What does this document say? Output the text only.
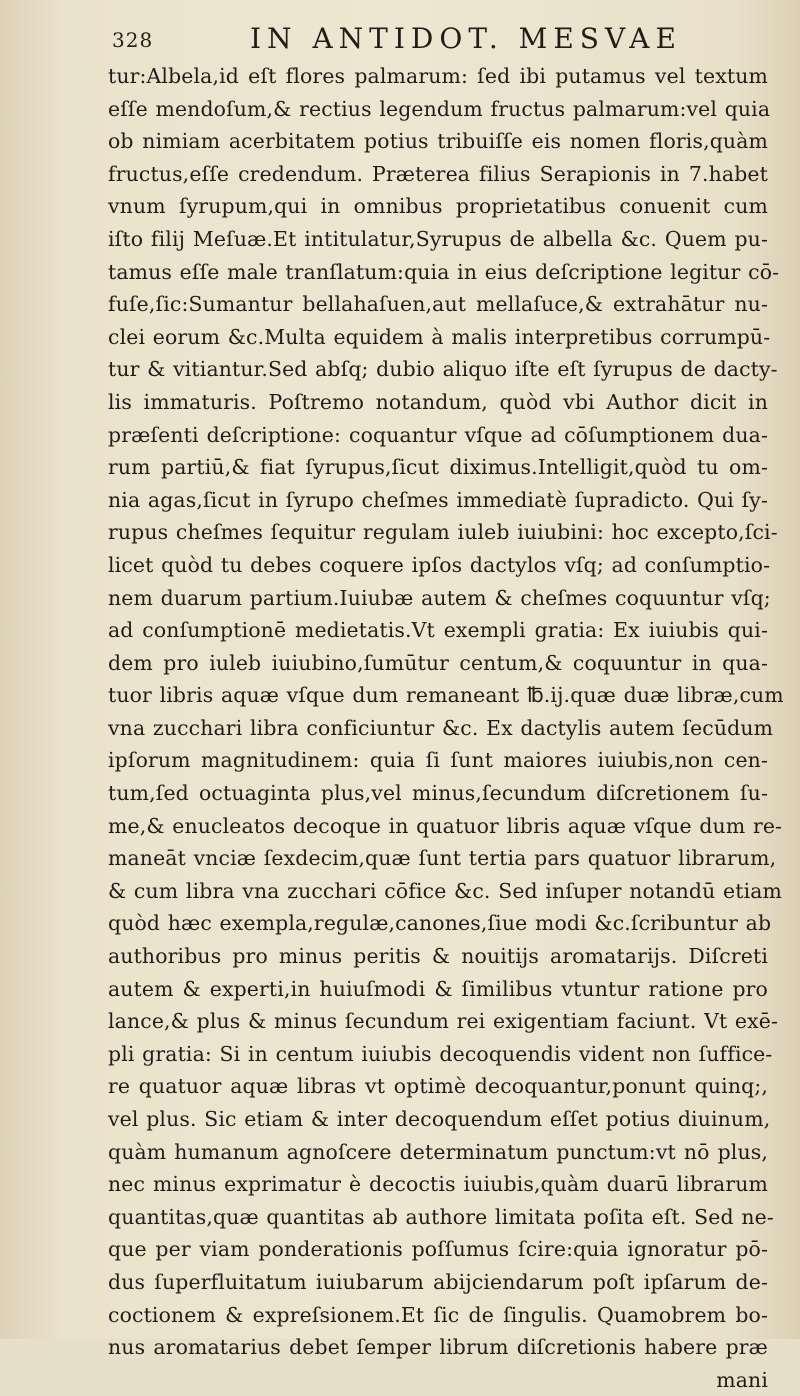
328	IN ANTIDOT. MESVAE
tur:Albela,id eſt flores palmarum: ſed ibi putamus vel textum
eſſe mendoſum,& rectius legendum fructus palmarum:vel quia
ob nimiam acerbitatem potius tribuiſſe eis nomen floris,quàm
fructus,eſſe credendum. Præterea filius Serapionis in 7.habet
vnum ſyrupum,qui in omnibus proprietatibus conuenit cum
iſto filij Meſuæ.Et intitulatur,Syrupus de albella &c. Quem pu-
tamus eſſe male tranſlatum:quia in eius deſcriptione legitur cō-
fuſe,ſic:Sumantur bellahaſuen,aut mellaſuce,& extrahātur nu-
clei eorum &c.Multa equidem à malis interpretibus corrumpū-
tur & vitiantur.Sed abſq; dubio aliquo iſte eſt ſyrupus de dacty-
lis immaturis. Poſtremo notandum, quòd vbi Author dicit in
præſenti deſcriptione: coquantur vſque ad cōſumptionem dua-
rum partiū,& fiat ſyrupus,ſicut diximus.Intelligit,quòd tu om-
nia agas,ſicut in ſyrupo cheſmes immediatè ſupradicto. Qui ſy-
rupus cheſmes ſequitur regulam iuleb iuiubini: hoc excepto,ſci-
licet quòd tu debes coquere ipſos dactylos vſq; ad conſumptio-
nem duarum partium.Iuiubæ autem & cheſmes coquuntur vſq;
ad conſumptionē medietatis.Vt exempli gratia: Ex iuiubis qui-
dem pro iuleb iuiubino,ſumūtur centum,& coquuntur in qua-
tuor libris aquæ vſque dum remaneant ℔.ij.quæ duæ libræ,cum
vna zucchari libra conficiuntur &c. Ex dactylis autem ſecūdum
ipſorum magnitudinem: quia ſi ſunt maiores iuiubis,non cen-
tum,ſed octuaginta plus,vel minus,ſecundum diſcretionem ſu-
me,& enucleatos decoque in quatuor libris aquæ vſque dum re-
maneāt vnciæ ſexdecim,quæ ſunt tertia pars quatuor librarum,
& cum libra vna zucchari cōfice &c. Sed inſuper notandū etiam
quòd hæc exempla,regulæ,canones,ſiue modi &c.ſcribuntur ab
authoribus pro minus peritis & nouitijs aromatarijs. Diſcreti
autem & experti,in huiuſmodi & ſimilibus vtuntur ratione pro
lance,& plus & minus ſecundum rei exigentiam faciunt. Vt exē-
pli gratia: Si in centum iuiubis decoquendis vident non ſuffice-
re quatuor aquæ libras vt optimè decoquantur,ponunt quinq;,
vel plus. Sic etiam & inter decoquendum eſſet potius diuinum,
quàm humanum agnoſcere determinatum punctum:vt nō plus,
nec minus exprimatur è decoctis iuiubis,quàm duarū librarum
quantitas,quæ quantitas ab authore limitata poſita eſt. Sed ne-
que per viam ponderationis poſſumus ſcire:quia ignoratur pō-
dus ſuperfluitatum iuiubarum abijciendarum poſt ipſarum de-
coctionem & expreſsionem.Et ſic de ſingulis. Quamobrem bo-
nus aromatarius debet ſemper librum diſcretionis habere præ
mani
